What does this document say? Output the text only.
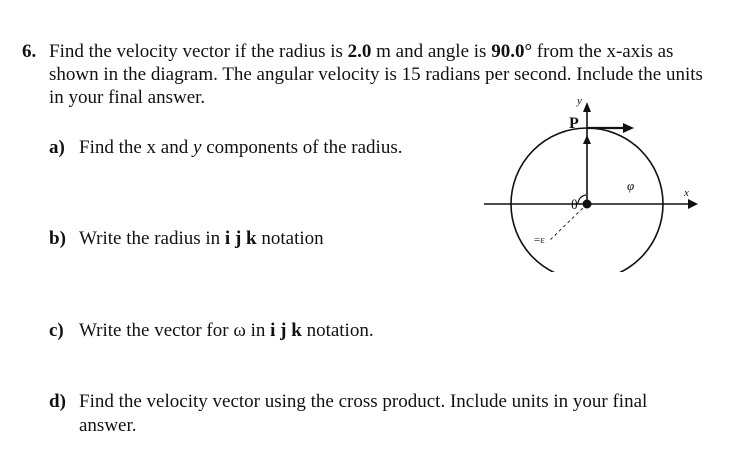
6. Find the velocity vector if the radius is 2.0 m and angle is 90.0° from the x-axis as shown in the diagram. The angular velocity is 15 radians per second. Include the units in your final answer.
a) Find the x and y components of the radius.
b) Write the radius in i j k notation
c) Write the vector for ω in i j k notation.
d) Find the velocity vector using the cross product. Include units in your final
answer.
y
P
θ
φ	x
=ɛ
